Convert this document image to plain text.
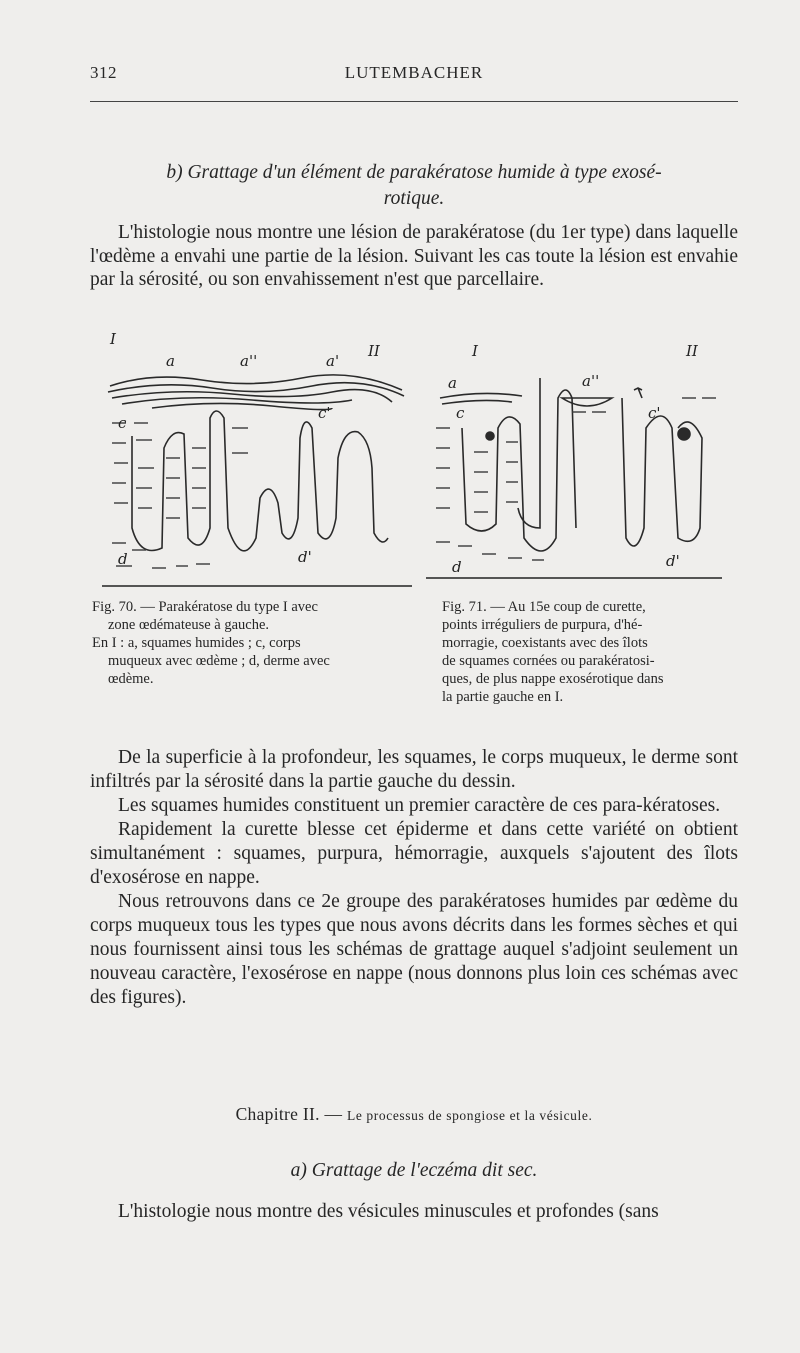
312	LUTEMBACHER
b) Grattage d'un élément de parakératose humide à type exosé-
rotique.

L'histologie nous montre une lésion de parakératose (du 1er type) dans laquelle l'œdème a envahi une partie de la lésion. Suivant les cas toute la lésion est envahie par la sérosité, ou son envahissement n'est que parcellaire.

I
II
a	a''	a'
c
c'
d	d'
Fig. 70. — Parakératose du type I avec

zone œdémateuse à gauche.
En I : a, squames humides ; c, corps

muqueux avec œdème ; d, derme avec
œdème.
I	II
a	a''
c	c'
d	d'
Fig. 71. — Au 15e coup de curette,
points irréguliers de purpura, d'hé-
morragie, coexistants avec des îlots
de squames cornées ou parakératosi-
ques, de plus nappe exosérotique dans
la partie gauche en I.

De la superficie à la profondeur, les squames, le corps muqueux, le derme sont infiltrés par la sérosité dans la partie gauche du dessin.

Les squames humides constituent un premier caractère de ces para-kératoses.

Rapidement la curette blesse cet épiderme et dans cette variété on obtient simultanément : squames, purpura, hémorragie, auxquels s'ajoutent des îlots d'exosérose en nappe.

Nous retrouvons dans ce 2e groupe des parakératoses humides par œdème du corps muqueux tous les types que nous avons décrits dans les formes sèches et qui nous fournissent ainsi tous les schémas de grattage auquel s'adjoint seulement un nouveau caractère, l'exosérose en nappe (nous donnons plus loin ces schémas avec des figures).

Chapitre II. — Le processus de spongiose et la vésicule.
a) Grattage de l'eczéma dit sec.

L'histologie nous montre des vésicules minuscules et profondes (sans
